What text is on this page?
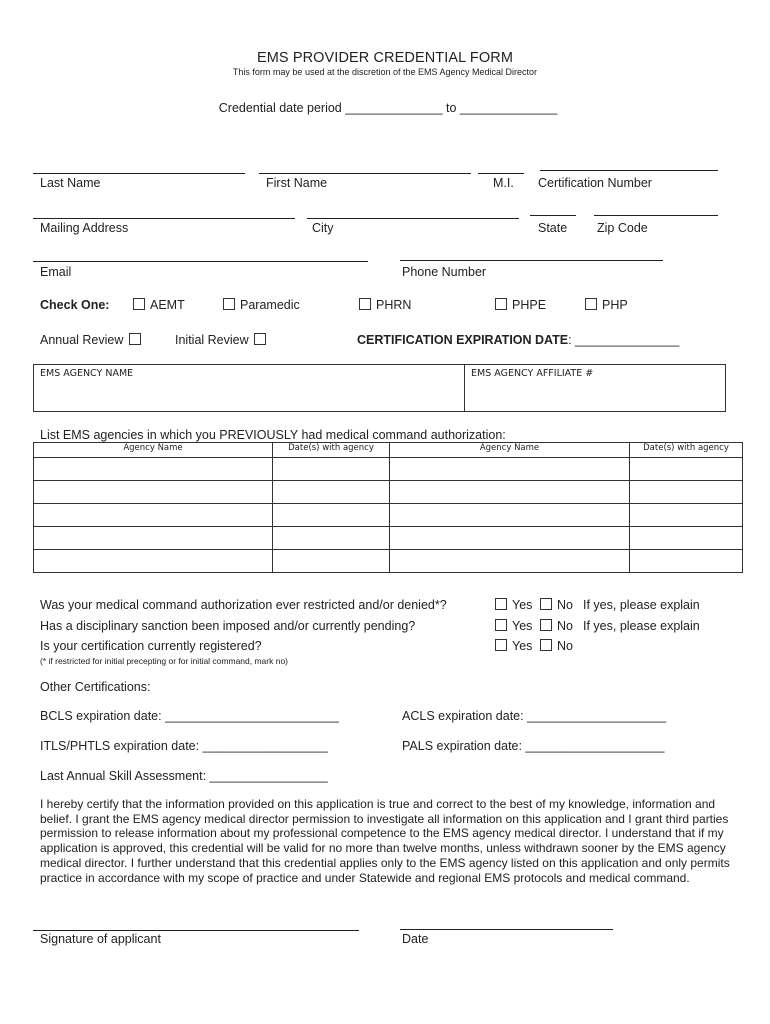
EMS PROVIDER CREDENTIAL FORM
This form may be used at the discretion of the EMS Agency Medical Director
Credential date period ______________ to ______________
Last Name	First Name	M.I. Certification Number
Mailing Address	City	State Zip Code
Email	Phone Number
Check One:	AEMT	Paramedic	PHRN	PHPE	PHP
Annual Review	Initial Review	CERTIFICATION EXPIRATION DATE: _______________
EMS AGENCY NAME	EMS AGENCY AFFILIATE #
List EMS agencies in which you PREVIOUSLY had medical command authorization:
Agency Name	Date(s) with agency	Agency Name	Date(s) with agency

Was your medical command authorization ever restricted and/or denied*?	Yes	No If yes, please explain
Has a disciplinary sanction been imposed and/or currently pending?	Yes	No If yes, please explain
Is your certification currently registered?	Yes	No
(* if restricted for initial precepting or for initial command, mark no)
Other Certifications:
BCLS expiration date: _________________________	ACLS expiration date: ____________________
ITLS/PHTLS expiration date: __________________	PALS expiration date: ____________________
Last Annual Skill Assessment: _________________
I hereby certify that the information provided on this application is true and correct to the best of my knowledge, information and belief. I grant the EMS agency medical director permission to investigate all information on this application and I grant third parties permission to release information about my professional competence to the EMS agency medical director. I understand that if my application is approved, this credential will be valid for no more than twelve months, unless withdrawn sooner by the EMS agency medical director. I further understand that this credential applies only to the EMS agency listed on this application and only permits practice in accordance with my scope of practice and under Statewide and regional EMS protocols and medical command.
Signature of applicant	Date
